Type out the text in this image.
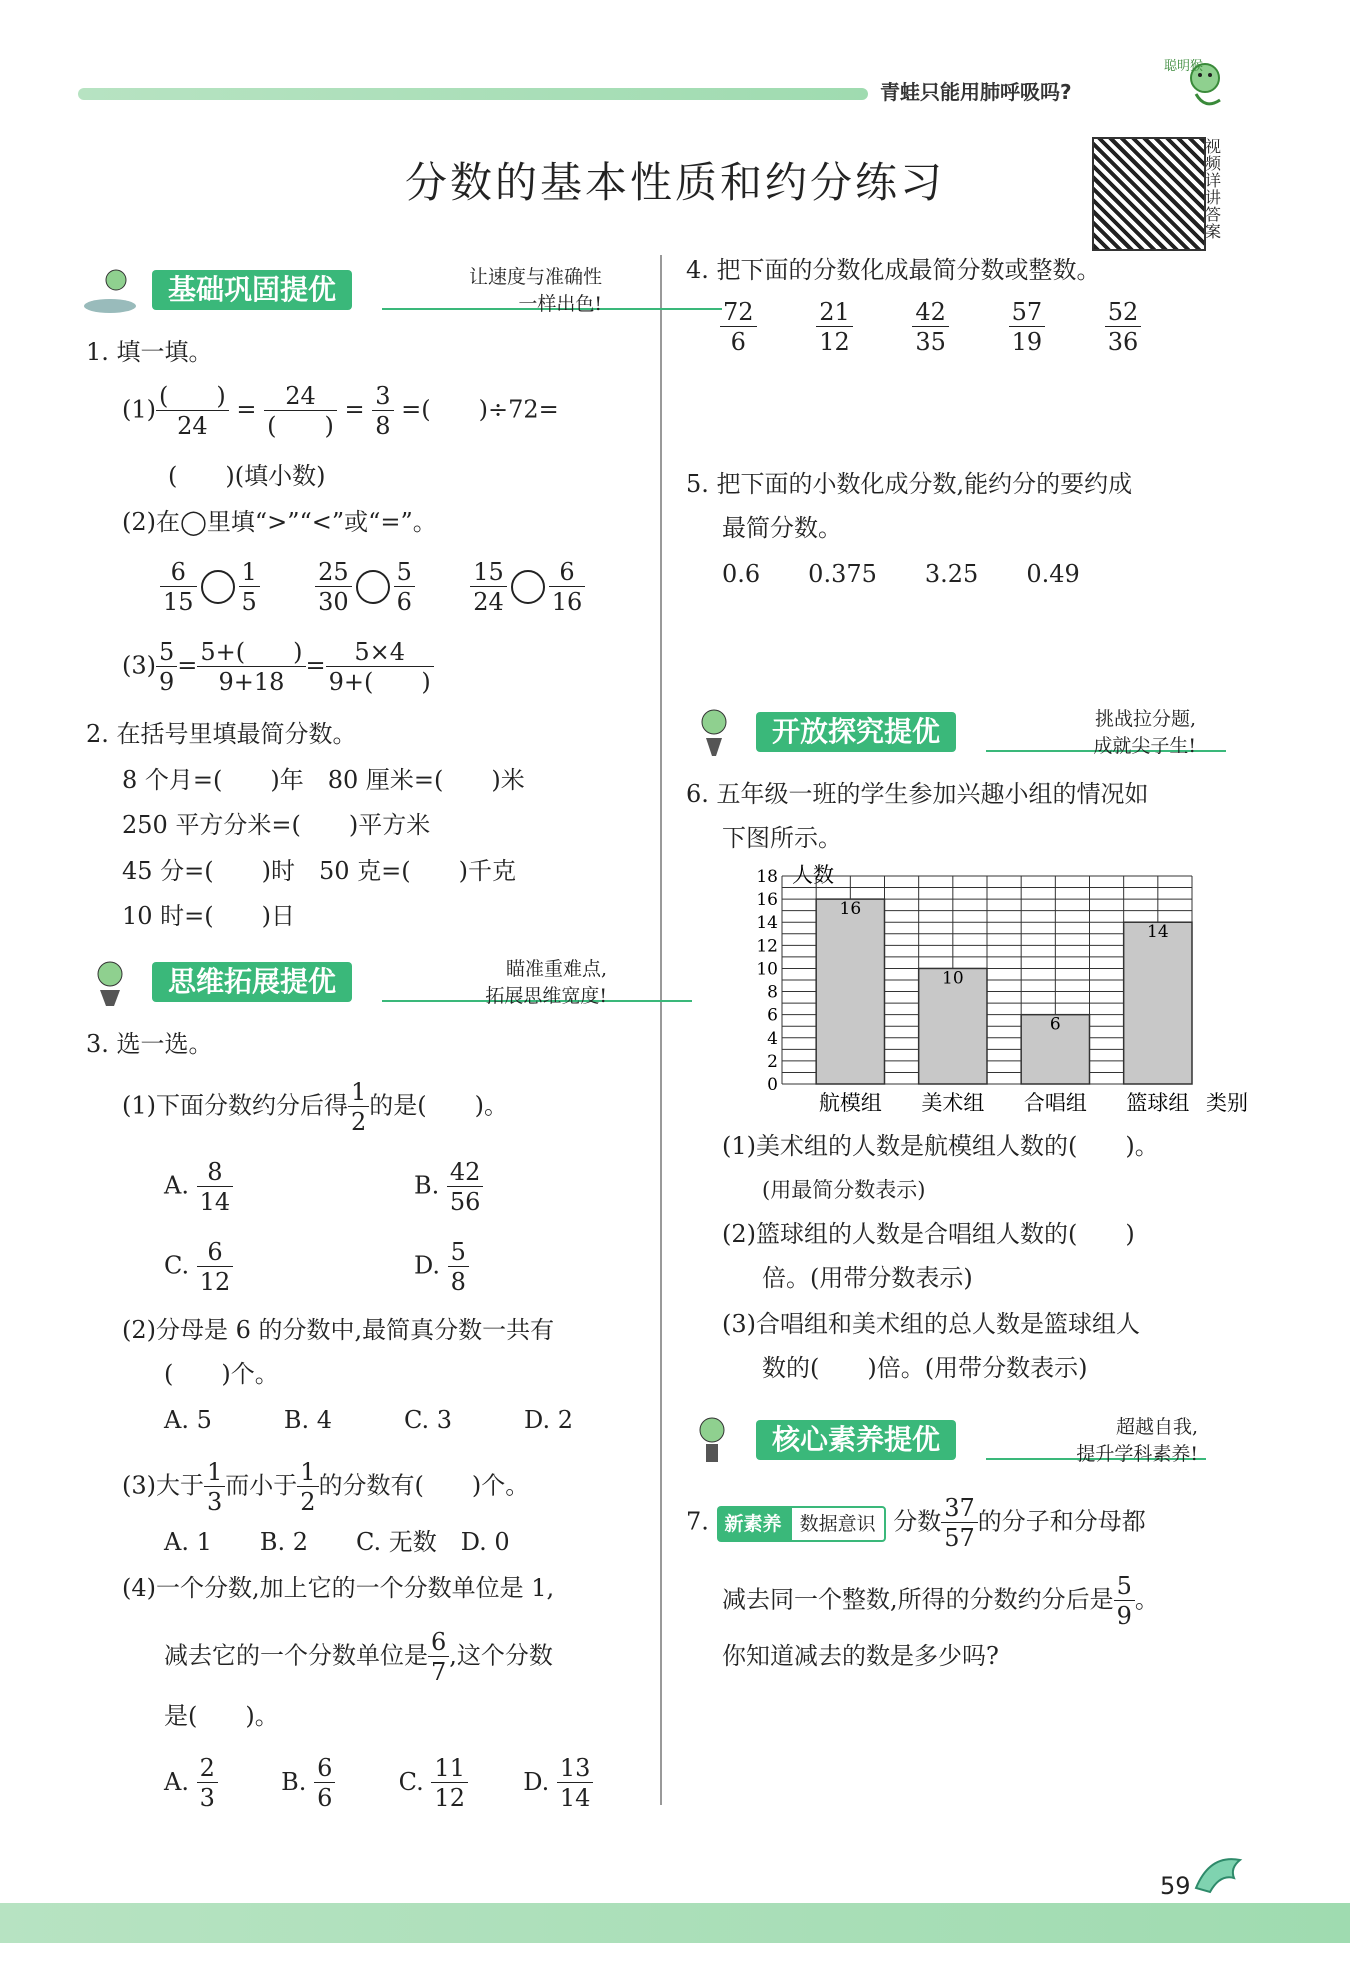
青蛙只能用肺呼吸吗?
聪明猴
分数的基本性质和约分练习
视频详讲答案
基础巩固提优	让速度与准确性
一样出色!
1. 填一填。
$(1) \frac{( )}{24} = \frac{24}{( )} = \frac{3}{8}$ =(　　)÷72=
(　　)(填小数)
(2)在◯里填“>”“<”或“=”。
$\frac{6}{15} \frac{1}{5}$
$\frac{25}{30} \frac{5}{6}$
$\frac{15}{24} \frac{6}{16}$
$(3) \frac{5}{9} = \frac{5+( )}{9+18} = \frac{5\times 4}{9+( )}$
2. 在括号里填最简分数。
8 个月=(　　)年　80 厘米=(　　)米
250 平方分米=(　　)平方米
45 分=(　　)时　50 克=(　　)千克
10 时=(　　)日
思维拓展提优	瞄准重难点,
拓展思维宽度!
3. 选一选。
(1)下面分数约分后得 $\frac{1}{2}$ 的是(　　)。
A. $\frac{8}{14}$	B. $\frac{42}{56}$
C. $\frac{6}{12}$	D. $\frac{5}{8}$
(2)分母是 6 的分数中,最简真分数一共有
(　　)个。
A. 5　　　B. 4　　　C. 3　　　D. 2
(3)大于 $\frac{1}{3}$ 而小于 $\frac{1}{2}$ 的分数有(　　)个。
A. 1　　B. 2　　C. 无数　D. 0
(4)一个分数,加上它的一个分数单位是 1,
减去它的一个分数单位是 $\frac{6}{7}$ ,这个分数
是(　　)。
A. $\frac{2}{3}$	B. $\frac{6}{6}$	C. $\frac{11}{12} D$. $\frac{13}{14}$
4. 把下面的分数化成最简分数或整数。
$\frac{72}{6}$
$\frac{21}{12}$
$\frac{42}{35}$
$\frac{57}{19}$
$\frac{52}{36}$
5. 把下面的小数化成分数,能约分的要约成
最简分数。
0.6 0.375 3.25 0.49
开放探究提优	挑战拉分题,
成就尖子生!
6. 五年级一班的学生参加兴趣小组的情况如
下图所示。
0
2
4
6
8
10
12
14
16
18
16
航模组
10
美术组
6
合唱组
14
篮球组 类别
人数
(1)美术组的人数是航模组人数的(　　)。
(用最简分数表示)
(2)篮球组的人数是合唱组人数的(　　)
倍。(用带分数表示)
(3)合唱组和美术组的总人数是篮球组人
数的(　　)倍。(用带分数表示)
核心素养提优	超越自我,
提升学科素养!
7. 新素养 数据意识 分数 $\frac{37}{57}$ 的分子和分母都
减去同一个整数,所得的分数约分后是 $\frac{5}{9}$ 。
你知道减去的数是多少吗?
59
